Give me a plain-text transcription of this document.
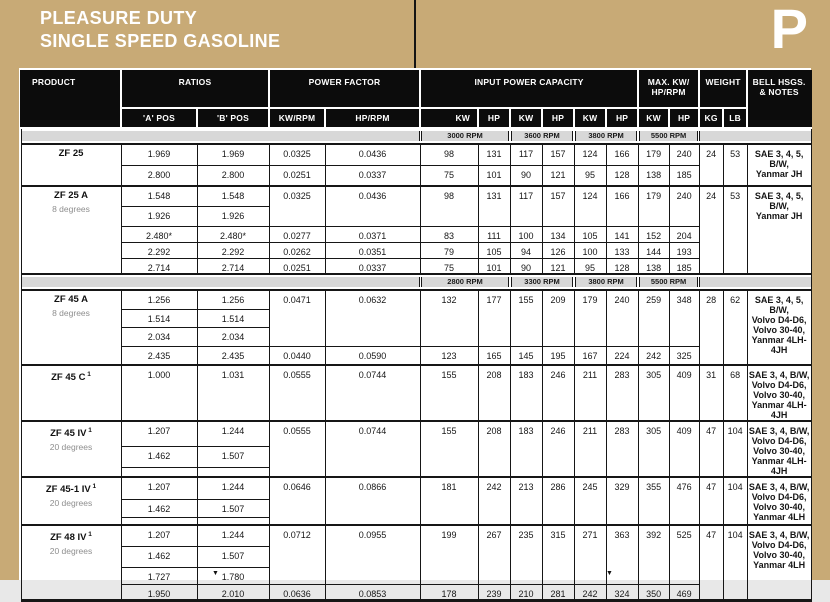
PLEASURE DUTY
SINGLE SPEED GASOLINE	P
PRODUCT	RATIOS	POWER FACTOR	INPUT POWER CAPACITY	MAX. KW/
HP/RPM
	WEIGHT	BELL HSGS.
& NOTES

	'A' POS	'B' POS	KW/RPM	HP/RPM	KW	HP	KW	HP	KW	HP	KW	HP	KG	LB	

					3000 RPM		3600 RPM		3800 RPM		5500 RPM				

ZF 25	1.969	1.969	0.0325	0.0436	98	131	117	157	124	166	179	240	24	53	SAE 3, 4, 5, B/W,
Yanmar JH

	2.800	2.800	0.0251	0.0337	75	101	90	121	95	128	138	185			

ZF 25 A
8 degrees
	1.548	1.548	0.0325	0.0436	98	131	117	157	124	166	179	240	24	53	SAE 3, 4, 5, B/W,
Yanmar JH

	1.926	1.926													
	2.480*	2.480*	0.0277	0.0371	83	111	100	134	105	141	152	204			
	2.292	2.292	0.0262	0.0351	79	105	94	126	100	133	144	193			
	2.714	2.714	0.0251	0.0337	75	101	90	121	95	128	138	185			

					2800 RPM		3300 RPM		3800 RPM		5500 RPM				

ZF 45 A
8 degrees
	1.256	1.256	0.0471	0.0632	132	177	155	209	179	240	259	348	28	62	SAE 3, 4, 5, B/W,
Volvo D4-D6,
Volvo 30-40,
Yanmar 4LH-4JH

	1.514	1.514													
	2.034	2.034													
	2.435	2.435	0.0440	0.0590	123	165	145	195	167	224	242	325			

ZF 45 C $^1$	1.000	1.031	0.0555	0.0744	155	208	183	246	211	283	305	409	31	68	SAE 3, 4, B/W,
Volvo D4-D6,
Volvo 30-40,
Yanmar 4LH-4JH

ZF 45 IV $^1$
20 degrees
	1.207	1.244	0.0555	0.0744	155	208	183	246	211	283	305	409	47	104	SAE 3, 4, B/W,
Volvo D4-D6,
Volvo 30-40,
Yanmar 4LH-4JH

	1.462	1.507													

ZF 45-1 IV $^1$
20 degrees
	1.207	1.244	0.0646	0.0866	181	242	213	286	245	329	355	476	47	104	SAE 3, 4, B/W,
Volvo D4-D6,
Volvo 30-40,
Yanmar 4LH

	1.462	1.507													

ZF 48 IV $^1$
20 degrees
	1.207	1.244	0.0712	0.0955	199	267	235	315	271	363	392	525	47	104	SAE 3, 4, B/W,
Volvo D4-D6,
Volvo 30-40,
Yanmar 4LH

	1.462	1.507													
	1.727	1.780													
	1.950	2.010	0.0636	0.0853	178	239	210	281	242	324	350	469			
▼	▼
